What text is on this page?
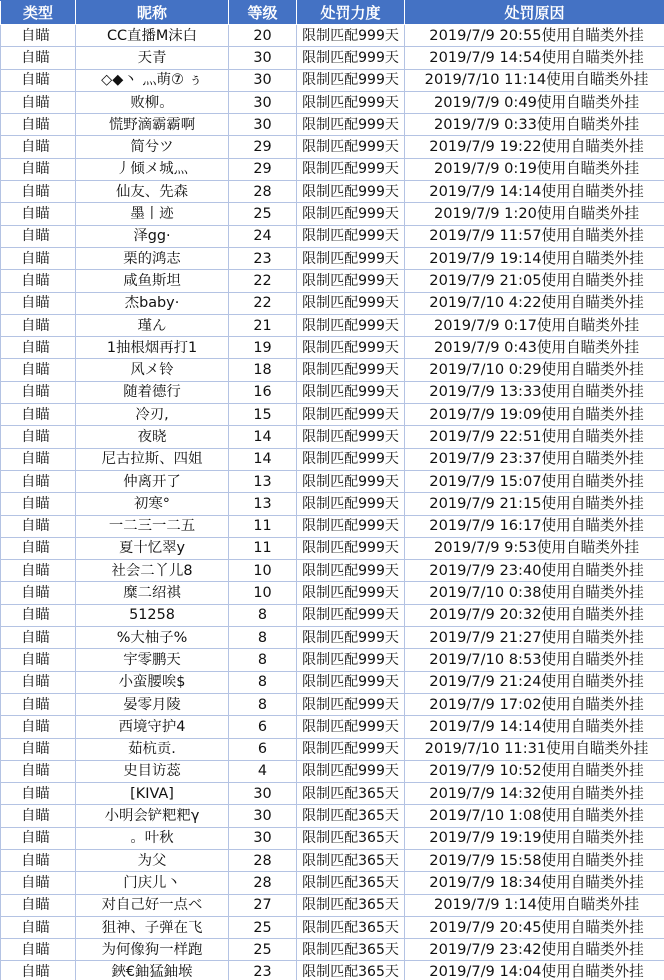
类型	昵称	等级	处罚力度	处罚原因
自瞄	CC直播M沫白	20	限制匹配999天	2019/7/9 20:55使用自瞄类外挂
自瞄	天青	30	限制匹配999天	2019/7/9 14:54使用自瞄类外挂
自瞄	◇◆丶 灬萌⑦ ぅ	30	限制匹配999天	2019/7/10 11:14使用自瞄类外挂
自瞄	败柳。	30	限制匹配999天	2019/7/9 0:49使用自瞄类外挂
自瞄	慌野滴霸霸啊	30	限制匹配999天	2019/7/9 0:33使用自瞄类外挂
自瞄	简兮ツ	29	限制匹配999天	2019/7/9 19:22使用自瞄类外挂
自瞄	丿倾メ城灬	29	限制匹配999天	2019/7/9 0:19使用自瞄类外挂
自瞄	仙友、先森	28	限制匹配999天	2019/7/9 14:14使用自瞄类外挂
自瞄	墨丨迹	25	限制匹配999天	2019/7/9 1:20使用自瞄类外挂
自瞄	泽gg·	24	限制匹配999天	2019/7/9 11:57使用自瞄类外挂
自瞄	栗的鸿志	23	限制匹配999天	2019/7/9 19:14使用自瞄类外挂
自瞄	咸鱼斯坦	22	限制匹配999天	2019/7/9 21:05使用自瞄类外挂
自瞄	杰baby·	22	限制匹配999天	2019/7/10 4:22使用自瞄类外挂
自瞄	瑾ん	21	限制匹配999天	2019/7/9 0:17使用自瞄类外挂
自瞄	1抽根烟再打1	19	限制匹配999天	2019/7/9 0:43使用自瞄类外挂
自瞄	风メ铃	18	限制匹配999天	2019/7/10 0:29使用自瞄类外挂
自瞄	随着德行	16	限制匹配999天	2019/7/9 13:33使用自瞄类外挂
自瞄	冷刃,	15	限制匹配999天	2019/7/9 19:09使用自瞄类外挂
自瞄	夜晓	14	限制匹配999天	2019/7/9 22:51使用自瞄类外挂
自瞄	尼古拉斯、四姐	14	限制匹配999天	2019/7/9 23:37使用自瞄类外挂
自瞄	仲离开了	13	限制匹配999天	2019/7/9 15:07使用自瞄类外挂
自瞄	初寒°	13	限制匹配999天	2019/7/9 21:15使用自瞄类外挂
自瞄	一二三一二五	11	限制匹配999天	2019/7/9 16:17使用自瞄类外挂
自瞄	夏十忆翠y	11	限制匹配999天	2019/7/9 9:53使用自瞄类外挂
自瞄	社会二丫儿8	10	限制匹配999天	2019/7/9 23:40使用自瞄类外挂
自瞄	糜二绍祺	10	限制匹配999天	2019/7/10 0:38使用自瞄类外挂
自瞄	51258	8	限制匹配999天	2019/7/9 20:32使用自瞄类外挂
自瞄	%大柚子%	8	限制匹配999天	2019/7/9 21:27使用自瞄类外挂
自瞄	宇零鹏天	8	限制匹配999天	2019/7/10 8:53使用自瞄类外挂
自瞄	小蛮腰唉$	8	限制匹配999天	2019/7/9 21:24使用自瞄类外挂
自瞄	晏零月陵	8	限制匹配999天	2019/7/9 17:02使用自瞄类外挂
自瞄	西境守护4	6	限制匹配999天	2019/7/9 14:14使用自瞄类外挂
自瞄	茹杭贡.	6	限制匹配999天	2019/7/10 11:31使用自瞄类外挂
自瞄	史目访蕊	4	限制匹配999天	2019/7/9 10:52使用自瞄类外挂
自瞄	[KIVA]	30	限制匹配365天	2019/7/9 14:32使用自瞄类外挂
自瞄	小明会铲粑粑γ	30	限制匹配365天	2019/7/10 1:08使用自瞄类外挂
自瞄	。叶秋	30	限制匹配365天	2019/7/9 19:19使用自瞄类外挂
自瞄	为父	28	限制匹配365天	2019/7/9 15:58使用自瞄类外挂
自瞄	门庆儿丶	28	限制匹配365天	2019/7/9 18:34使用自瞄类外挂
自瞄	对自己好一点ベ	27	限制匹配365天	2019/7/9 1:14使用自瞄类外挂
自瞄	狙神、子弹在飞	25	限制匹配365天	2019/7/9 20:45使用自瞄类外挂
自瞄	为何像狗一样跑	25	限制匹配365天	2019/7/9 23:42使用自瞄类外挂
自瞄	鋏€鈾猛鈾堠	23	限制匹配365天	2019/7/9 14:04使用自瞄类外挂
